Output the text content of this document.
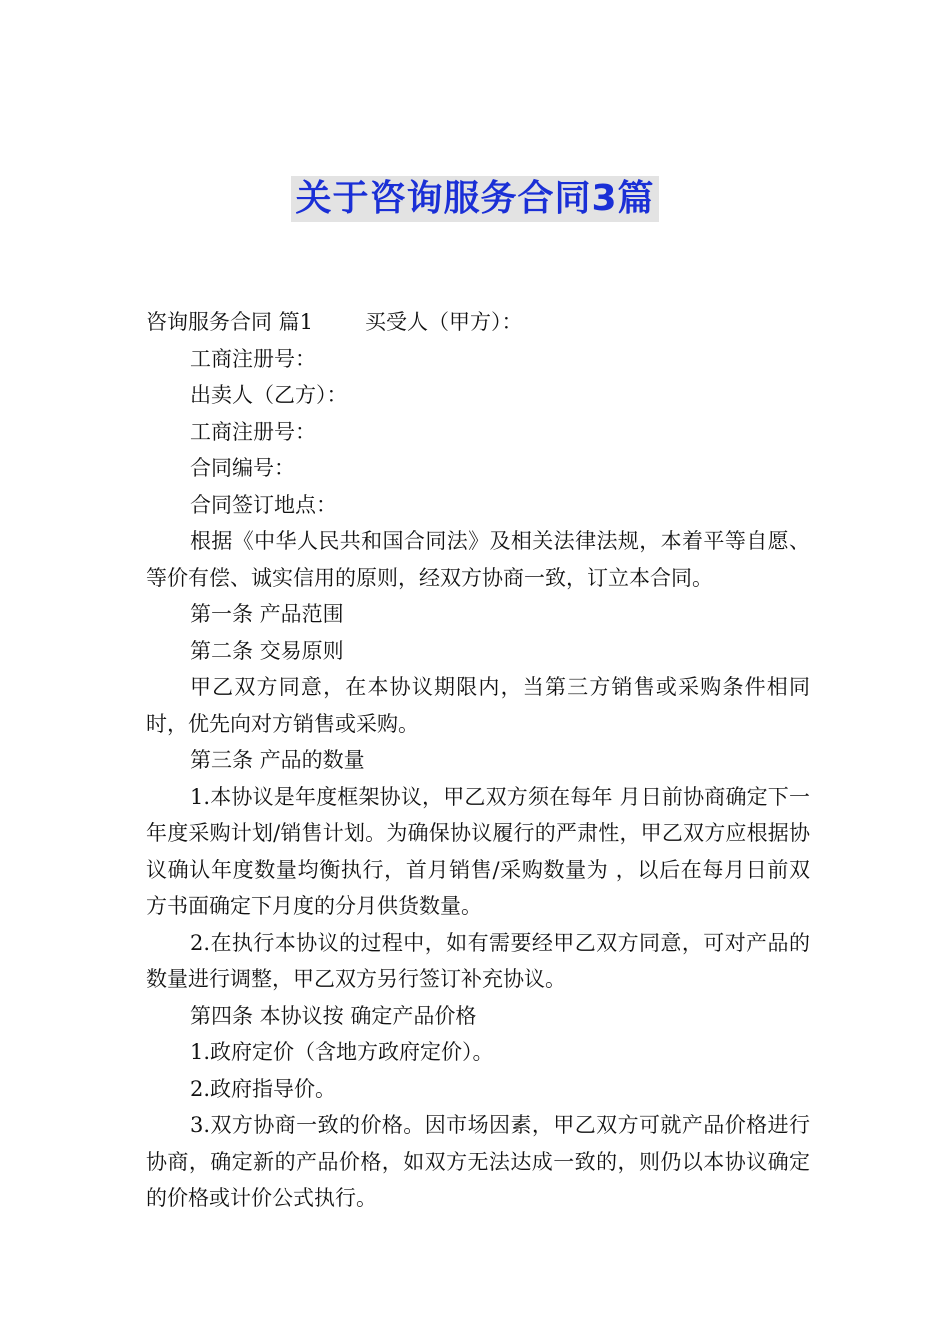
关于咨询服务合同3篇

咨询服务合同 篇1 买受人（甲方）：

工商注册号：

出卖人（乙方）：

工商注册号：

合同编号：

合同签订地点：

根据《中华人民共和国合同法》及相关法律法规，本着平等自愿、等价有偿、诚实信用的原则，经双方协商一致，订立本合同。

第一条 产品范围

第二条 交易原则

甲乙双方同意，在本协议期限内，当第三方销售或采购条件相同时，优先向对方销售或采购。

第三条 产品的数量

1.本协议是年度框架协议，甲乙双方须在每年 月日前协商确定下一年度采购计划/销售计划。为确保协议履行的严肃性，甲乙双方应根据协议确认年度数量均衡执行，首月销售/采购数量为 ，以后在每月日前双方书面确定下月度的分月供货数量。

2.在执行本协议的过程中，如有需要经甲乙双方同意，可对产品的数量进行调整，甲乙双方另行签订补充协议。

第四条 本协议按 确定产品价格

1.政府定价（含地方政府定价）。

2.政府指导价。

3.双方协商一致的价格。因市场因素，甲乙双方可就产品价格进行协商，确定新的产品价格，如双方无法达成一致的，则仍以本协议确定的价格或计价公式执行。
